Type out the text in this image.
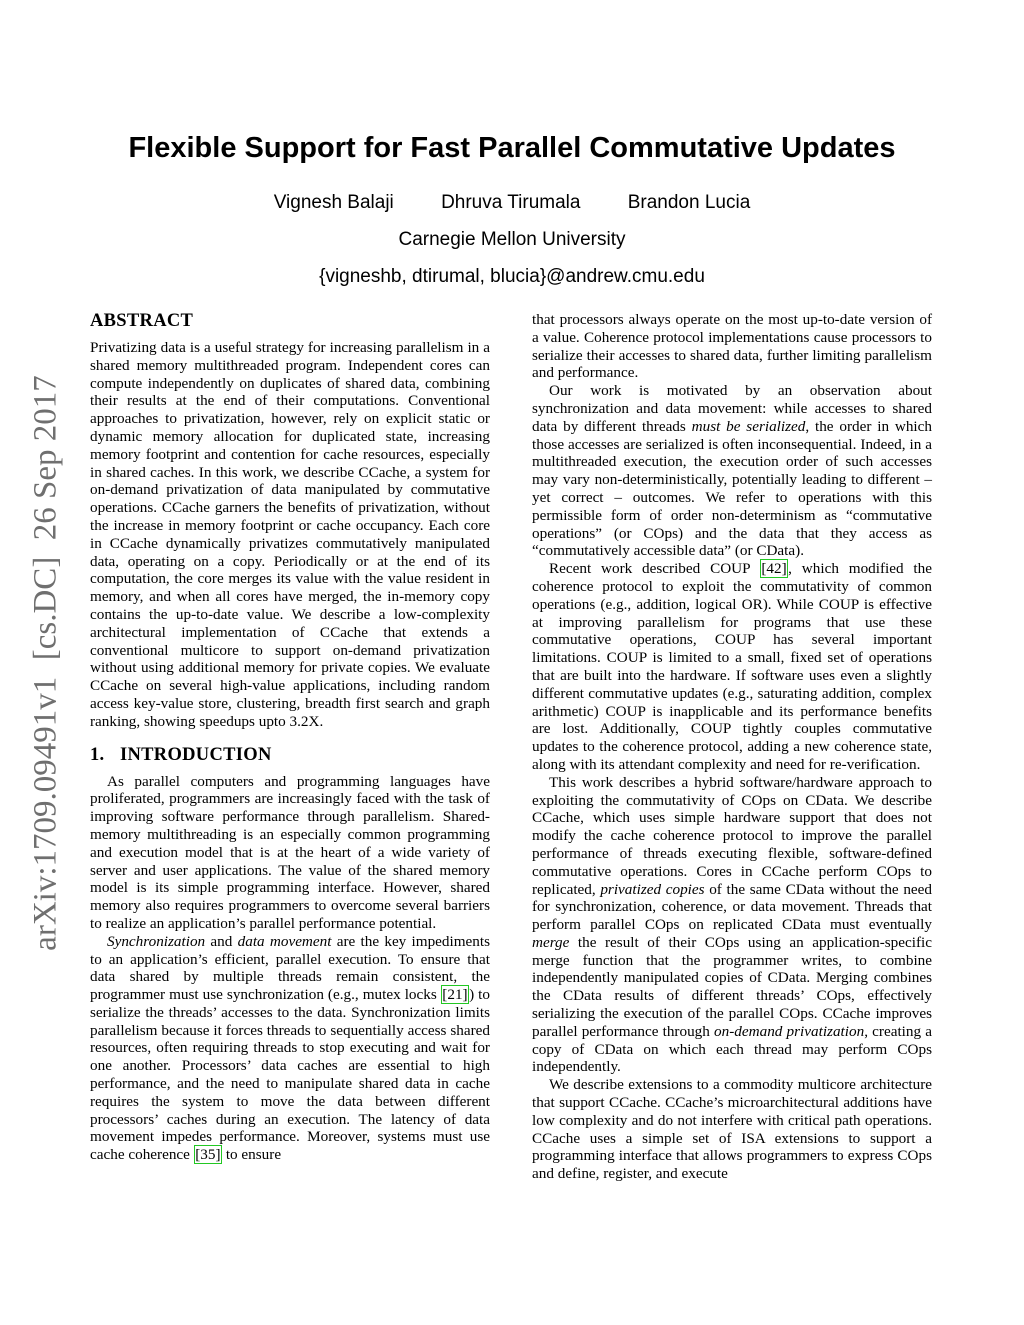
arXiv:1709.09491v1  [cs.DC]  26 Sep 2017
Flexible Support for Fast Parallel Commutative Updates
Vignesh Balaji Dhruva Tirumala Brandon Lucia
Carnegie Mellon University
{vigneshb, dtirumal, blucia}@andrew.cmu.edu
ABSTRACT

Privatizing data is a useful strategy for increasing parallelism in a shared memory multithreaded program. Independent cores can compute independently on duplicates of shared data, combining their results at the end of their computations. Conventional approaches to privatization, however, rely on explicit static or dynamic memory allocation for duplicated state, increasing memory footprint and contention for cache resources, especially in shared caches. In this work, we describe CCache, a system for on-demand privatization of data manipulated by commutative operations. CCache garners the benefits of privatization, without the increase in memory footprint or cache occupancy. Each core in CCache dynamically privatizes commutatively manipulated data, operating on a copy. Periodically or at the end of its computation, the core merges its value with the value resident in memory, and when all cores have merged, the in-memory copy contains the up-to-date value. We describe a low-complexity architectural implementation of CCache that extends a conventional multicore to support on-demand privatization without using additional memory for private copies. We evaluate CCache on several high-value applications, including random access key-value store, clustering, breadth first search and graph ranking, showing speedups upto 3.2X.

1. INTRODUCTION

As parallel computers and programming languages have proliferated, programmers are increasingly faced with the task of improving software performance through parallelism. Shared-memory multithreading is an especially common programming and execution model that is at the heart of a wide variety of server and user applications. The value of the shared memory model is its simple programming interface. However, shared memory also requires programmers to overcome several barriers to realize an application’s parallel performance potential.

Synchronization and data movement are the key impediments to an application’s efficient, parallel execution. To ensure that data shared by multiple threads remain consistent, the programmer must use synchronization (e.g., mutex locks [21]) to serialize the threads’ accesses to the data. Synchronization limits parallelism because it forces threads to sequentially access shared resources, often requiring threads to stop executing and wait for one another. Processors’ data caches are essential to high performance, and the need to manipulate shared data in cache requires the system to move the data between different processors’ caches during an execution. The latency of data movement impedes performance. Moreover, systems must use cache coherence [35] to ensure

that processors always operate on the most up-to-date version of a value. Coherence protocol implementations cause processors to serialize their accesses to shared data, further limiting parallelism and performance.

Our work is motivated by an observation about synchronization and data movement: while accesses to shared data by different threads must be serialized, the order in which those accesses are serialized is often inconsequential. Indeed, in a multithreaded execution, the execution order of such accesses may vary non-deterministically, potentially leading to different – yet correct – outcomes. We refer to operations with this permissible form of order non-determinism as “commutative operations” (or COps) and the data that they access as “commutatively accessible data” (or CData).

Recent work described COUP [42], which modified the coherence protocol to exploit the commutativity of common operations (e.g., addition, logical OR). While COUP is effective at improving parallelism for programs that use these commutative operations, COUP has several important limitations. COUP is limited to a small, fixed set of operations that are built into the hardware. If software uses even a slightly different commutative updates (e.g., saturating addition, complex arithmetic) COUP is inapplicable and its performance benefits are lost. Additionally, COUP tightly couples commutative updates to the coherence protocol, adding a new coherence state, along with its attendant complexity and need for re-verification.

This work describes a hybrid software/hardware approach to exploiting the commutativity of COps on CData. We describe CCache, which uses simple hardware support that does not modify the cache coherence protocol to improve the parallel performance of threads executing flexible, software-defined commutative operations. Cores in CCache perform COps to replicated, privatized copies of the same CData without the need for synchronization, coherence, or data movement. Threads that perform parallel COps on replicated CData must eventually merge the result of their COps using an application-specific merge function that the programmer writes, to combine independently manipulated copies of CData. Merging combines the CData results of different threads’ COps, effectively serializing the execution of the parallel COps. CCache improves parallel performance through on-demand privatization, creating a copy of CData on which each thread may perform COps independently.

We describe extensions to a commodity multicore architecture that support CCache. CCache’s microarchitectural additions have low complexity and do not interfere with critical path operations. CCache uses a simple set of ISA extensions to support a programming interface that allows programmers to express COps and define, register, and execute
